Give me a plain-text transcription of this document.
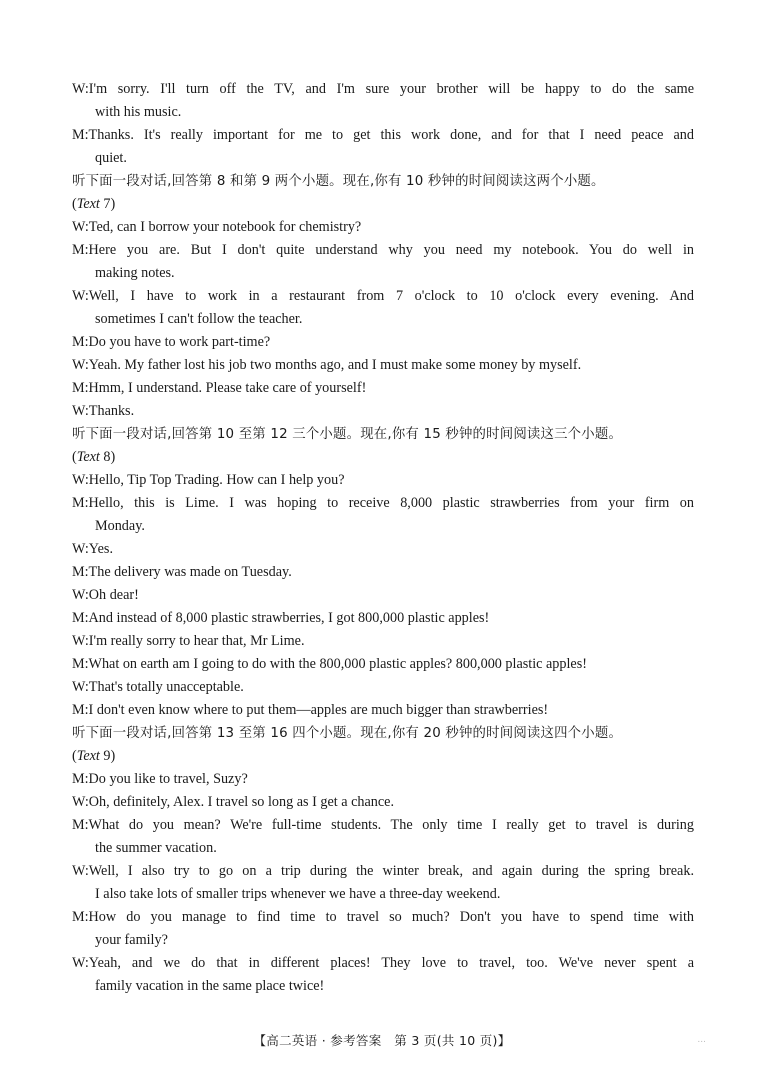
W:I'm sorry. I'll turn off the TV, and I'm sure your brother will be happy to do the same
with his music.
M:Thanks. It's really important for me to get this work done, and for that I need peace and
quiet.
听下面一段对话,回答第 8 和第 9 两个小题。现在,你有 10 秒钟的时间阅读这两个小题。
(Text 7)
W:Ted, can I borrow your notebook for chemistry?
M:Here you are. But I don't quite understand why you need my notebook. You do well in
making notes.
W:Well, I have to work in a restaurant from 7 o'clock to 10 o'clock every evening. And
sometimes I can't follow the teacher.
M:Do you have to work part-time?
W:Yeah. My father lost his job two months ago, and I must make some money by myself.
M:Hmm, I understand. Please take care of yourself!
W:Thanks.
听下面一段对话,回答第 10 至第 12 三个小题。现在,你有 15 秒钟的时间阅读这三个小题。
(Text 8)
W:Hello, Tip Top Trading. How can I help you?
M:Hello, this is Lime. I was hoping to receive 8,000 plastic strawberries from your firm on
Monday.
W:Yes.
M:The delivery was made on Tuesday.
W:Oh dear!
M:And instead of 8,000 plastic strawberries, I got 800,000 plastic apples!
W:I'm really sorry to hear that, Mr Lime.
M:What on earth am I going to do with the 800,000 plastic apples? 800,000 plastic apples!
W:That's totally unacceptable.
M:I don't even know where to put them—apples are much bigger than strawberries!
听下面一段对话,回答第 13 至第 16 四个小题。现在,你有 20 秒钟的时间阅读这四个小题。
(Text 9)
M:Do you like to travel, Suzy?
W:Oh, definitely, Alex. I travel so long as I get a chance.
M:What do you mean? We're full-time students. The only time I really get to travel is during
the summer vacation.
W:Well, I also try to go on a trip during the winter break, and again during the spring break.
I also take lots of smaller trips whenever we have a three-day weekend.
M:How do you manage to find time to travel so much? Don't you have to spend time with
your family?
W:Yeah, and we do that in different places! They love to travel, too. We've never spent a
family vacation in the same place twice!
【高二英语 · 参考答案　第 3 页(共 10 页)】	...
